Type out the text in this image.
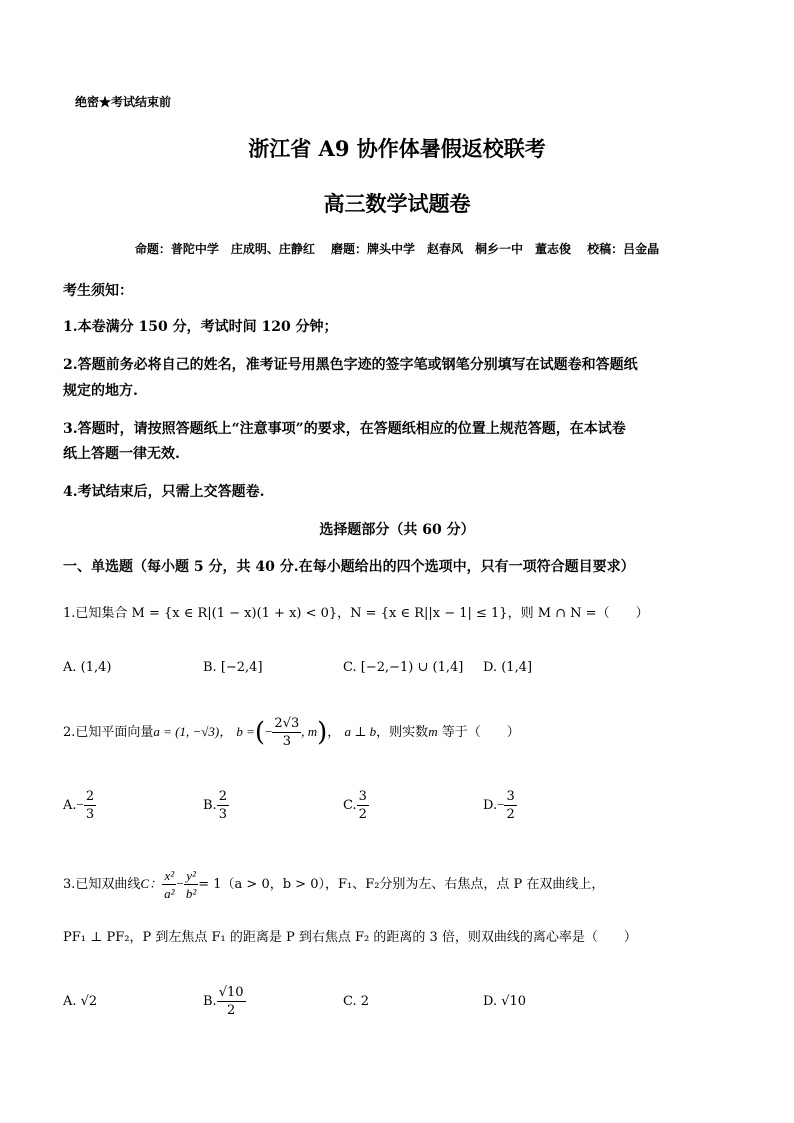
绝密★考试结束前
浙江省 A9 协作体暑假返校联考
高三数学试题卷
命题：普陀中学　庄成明、庄静红　 磨题：牌头中学　赵春风　桐乡一中　董志俊　 校稿：吕金晶
考生须知：
1.本卷满分 150 分，考试时间 120 分钟；
2.答题前务必将自己的姓名，准考证号用黑色字迹的签字笔或钢笔分别填写在试题卷和答题纸
规定的地方.
3.答题时，请按照答题纸上“注意事项”的要求，在答题纸相应的位置上规范答题，在本试卷
纸上答题一律无效.
4.考试结束后，只需上交答题卷.
选择题部分（共 60 分）
一、单选题（每小题 5 分，共 40 分.在每小题给出的四个选项中，只有一项符合题目要求）
1.已知集合 M = {x ∈ R|(1 − x)(1 + x) < 0}，N = {x ∈ R||x − 1| ≤ 1}，则 M ∩ N =（　　）
A. (1,4)	B. [−2,4]	C. [−2,−1) ∪ (1,4] D. (1,4]
2.已知平面向量a = (1, −√3)， b =(− $\frac{2√3}{3}$ , m)， a ⊥ b，则实数m 等于（　　）
$A.- \frac{2}{3}$	B. $\frac{2}{3}$	C. $\frac{3}{2}$	$D.- \frac{3}{2}$
3.已知双曲线C： $\frac{\text{x²}}{\text{a²}} - \frac{\text{y²}}{\text{b²}} = 1(a > 0$，b > 0），F₁、F₂分别为左、右焦点，点 P 在双曲线上，
PF₁ ⊥ PF₂，P 到左焦点 F₁ 的距离是 P 到右焦点 F₂ 的距离的 3 倍，则双曲线的离心率是（　　）
A. √2	B. $\frac{√10}{2}$	C. 2	D. √10
